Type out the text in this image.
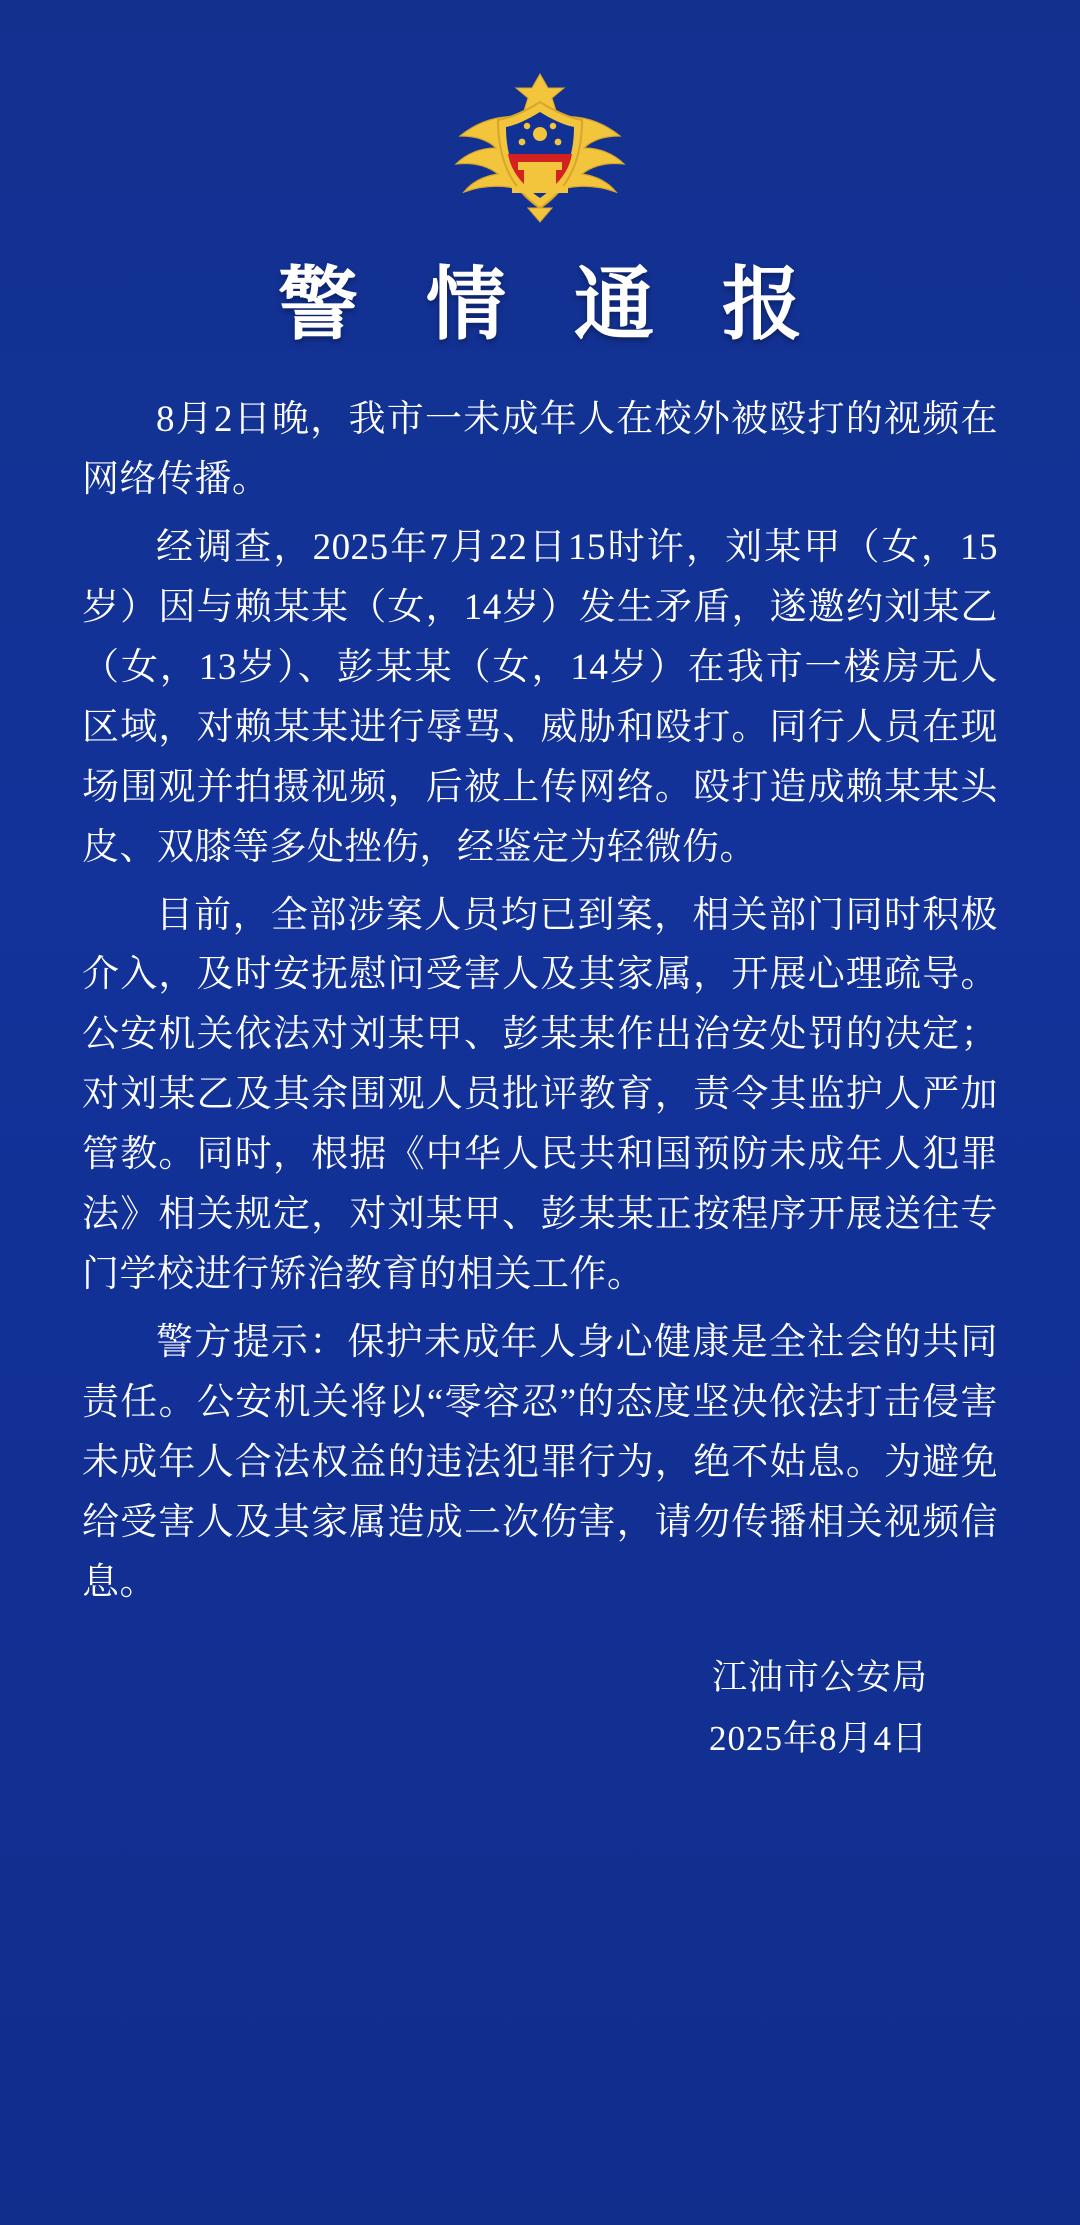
警 情 通 报

8月2日晚，我市一未成年人在校外被殴打的视频在网络传播。

经调查，2025年7月22日15时许，刘某甲（女，15岁）因与赖某某（女，14岁）发生矛盾，遂邀约刘某乙（女，13岁）、彭某某（女，14岁）在我市一楼房无人区域，对赖某某进行辱骂、威胁和殴打。同行人员在现场围观并拍摄视频，后被上传网络。殴打造成赖某某头皮、双膝等多处挫伤，经鉴定为轻微伤。

目前，全部涉案人员均已到案，相关部门同时积极介入，及时安抚慰问受害人及其家属，开展心理疏导。公安机关依法对刘某甲、彭某某作出治安处罚的决定；对刘某乙及其余围观人员批评教育，责令其监护人严加管教。同时，根据《中华人民共和国预防未成年人犯罪法》相关规定，对刘某甲、彭某某正按程序开展送往专门学校进行矫治教育的相关工作。

警方提示：保护未成年人身心健康是全社会的共同责任。公安机关将以“零容忍”的态度坚决依法打击侵害未成年人合法权益的违法犯罪行为，绝不姑息。为避免给受害人及其家属造成二次伤害，请勿传播相关视频信息。

江油市公安局
2025年8月4日
